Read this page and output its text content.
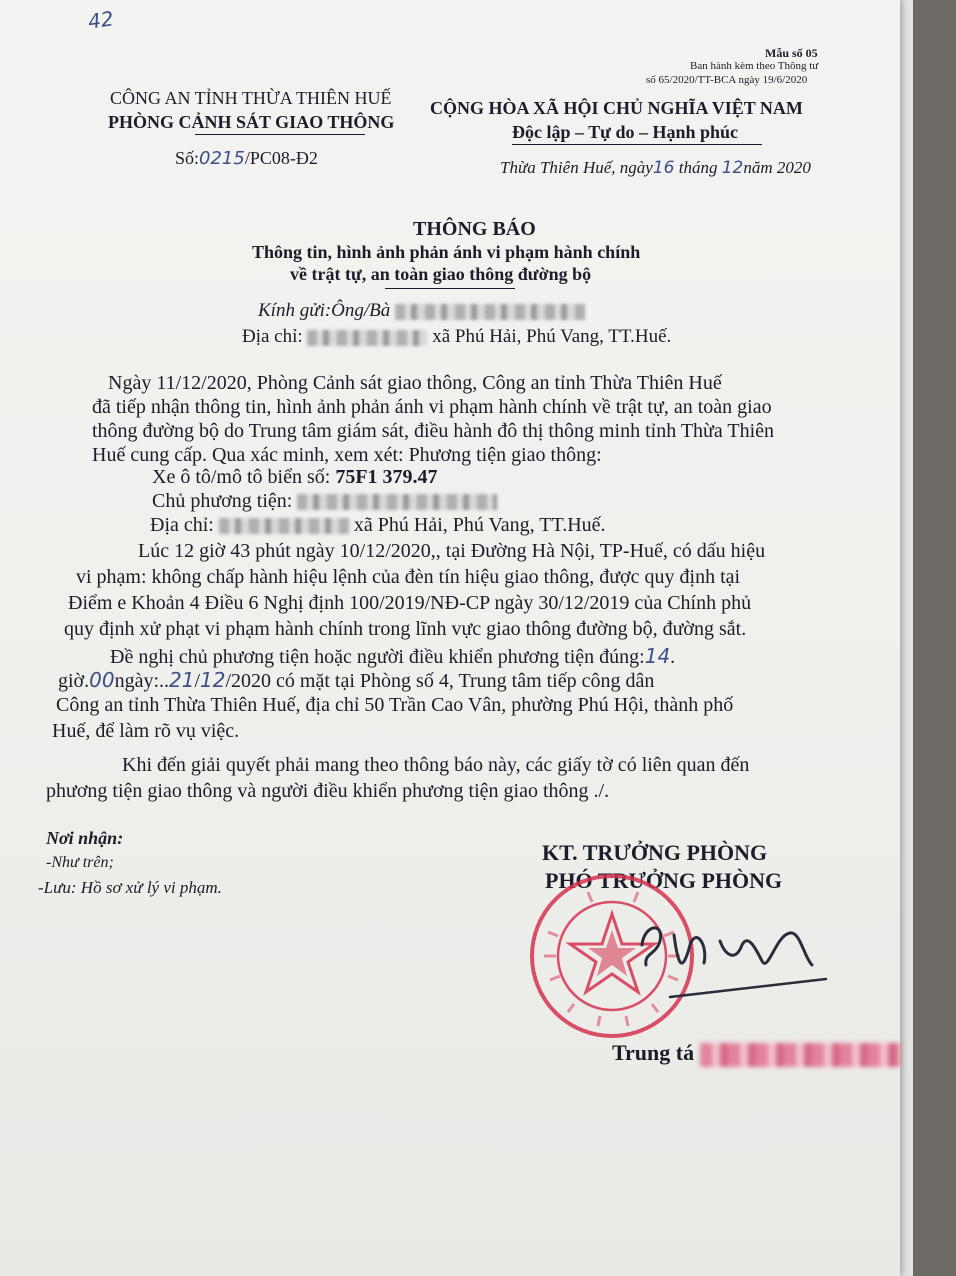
42
Mẫu số 05
Ban hành kèm theo Thông tư
số 65/2020/TT-BCA ngày 19/6/2020
CÔNG AN TỈNH THỪA THIÊN HUẾ
PHÒNG CẢNH SÁT GIAO THÔNG
Số:0215/PC08-Đ2
CỘNG HÒA XÃ HỘI CHỦ NGHĨA VIỆT NAM
Độc lập – Tự do – Hạnh phúc
Thừa Thiên Huế, ngày16 tháng 12năm 2020
THÔNG BÁO
Thông tin, hình ảnh phản ánh vi phạm hành chính
về trật tự, an toàn giao thông đường bộ
Kính gửi:Ông/Bà
Địa chỉ:	xã Phú Hải, Phú Vang, TT.Huế.
Ngày 11/12/2020, Phòng Cảnh sát giao thông, Công an tỉnh Thừa Thiên Huế
đã tiếp nhận thông tin, hình ảnh phản ánh vi phạm hành chính về trật tự, an toàn giao
thông đường bộ do Trung tâm giám sát, điều hành đô thị thông minh tỉnh Thừa Thiên
Huế cung cấp. Qua xác minh, xem xét: Phương tiện giao thông:
Xe ô tô/mô tô biển số: 75F1 379.47
Chủ phương tiện:
Địa chỉ:	xã Phú Hải, Phú Vang, TT.Huế.
Lúc 12 giờ 43 phút ngày 10/12/2020,, tại Đường Hà Nội, TP-Huế, có dấu hiệu
vi phạm: không chấp hành hiệu lệnh của đèn tín hiệu giao thông, được quy định tại
Điểm e Khoản 4 Điều 6 Nghị định 100/2019/NĐ-CP ngày 30/12/2019 của Chính phủ
quy định xử phạt vi phạm hành chính trong lĩnh vực giao thông đường bộ, đường sắt.
Đề nghị chủ phương tiện hoặc người điều khiển phương tiện đúng:14.
giờ.00ngày:..21/12/2020 có mặt tại Phòng số 4, Trung tâm tiếp công dân
Công an tỉnh Thừa Thiên Huế, địa chỉ 50 Trần Cao Vân, phường Phú Hội, thành phố
Huế, để làm rõ vụ việc.
Khi đến giải quyết phải mang theo thông báo này, các giấy tờ có liên quan đến
phương tiện giao thông và người điều khiển phương tiện giao thông ./.
Nơi nhận:
-Như trên;
-Lưu: Hồ sơ xử lý vi phạm.
KT. TRƯỞNG PHÒNG
PHÓ TRƯỞNG PHÒNG
Trung tá
